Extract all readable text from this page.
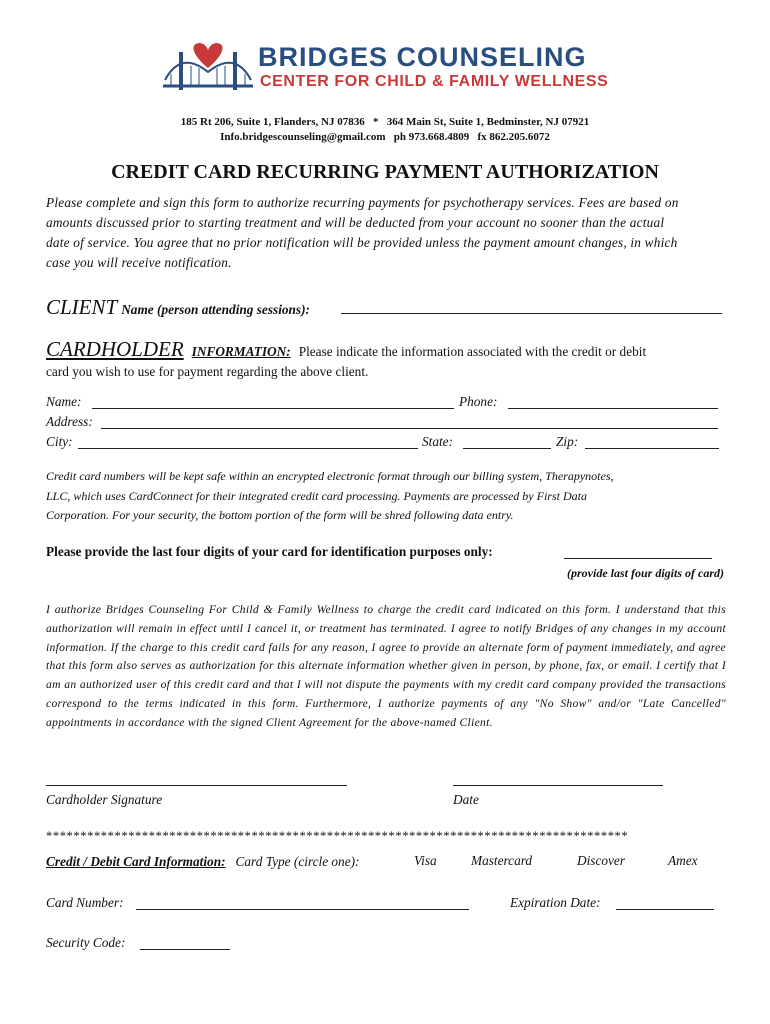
BRIDGES COUNSELING
CENTER FOR CHILD & FAMILY WELLNESS
185 Rt 206, Suite 1, Flanders, NJ 07836   *   364 Main St, Suite 1, Bedminster, NJ 07921
Info.bridgescounseling@gmail.com   ph 973.668.4809   fx 862.205.6072
CREDIT CARD RECURRING PAYMENT AUTHORIZATION
Please complete and sign this form to authorize recurring payments for psychotherapy services. Fees are based on
amounts discussed prior to starting treatment and will be deducted from your account no sooner than the actual
date of service. You agree that no prior notification will be provided unless the payment amount changes, in which
case you will receive notification.
CLIENT Name (person attending sessions):
CARDHOLDER INFORMATION: Please indicate the information associated with the credit or debit
card you wish to use for payment regarding the above client.
Name:	Phone:
Address:
City:	State:	Zip:
Credit card numbers will be kept safe within an encrypted electronic format through our billing system, Therapynotes,
LLC, which uses CardConnect for their integrated credit card processing. Payments are processed by First Data
Corporation. For your security, the bottom portion of the form will be shred following data entry.
Please provide the last four digits of your card for identification purposes only:
(provide last four digits of card)
I authorize Bridges Counseling For Child & Family Wellness to charge the credit card indicated on this form. I understand that this authorization will remain in effect until I cancel it, or treatment has terminated. I agree to notify Bridges of any changes in my account information. If the charge to this credit card fails for any reason, I agree to provide an alternate form of payment immediately, and agree that this form also serves as authorization for this alternate information whether given in person, by phone, fax, or email. I certify that I am an authorized user of this credit card and that I will not dispute the payments with my credit card company provided the transactions correspond to the terms indicated in this form. Furthermore, I authorize payments of any "No Show" and/or "Late Cancelled" appointments in accordance with the signed Client Agreement for the above-named Client.
Cardholder Signature	Date
*************************************************************************************
Credit / Debit Card Information: Card Type (circle one):	Visa	Mastercard	Discover	Amex
Card Number:	Expiration Date:
Security Code:
